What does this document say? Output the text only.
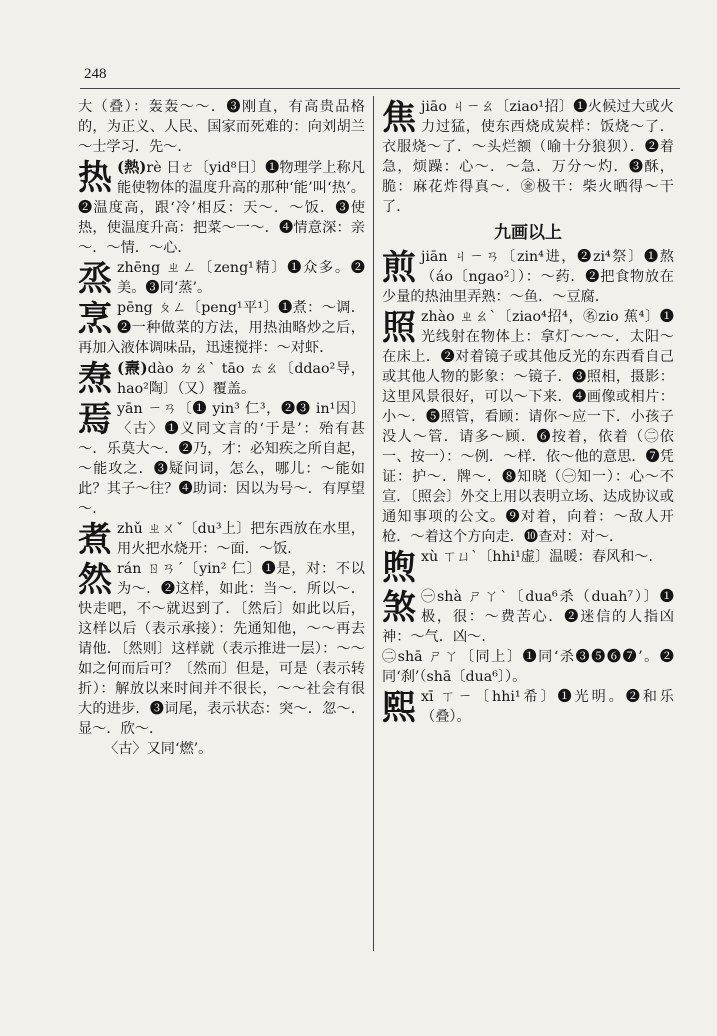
248

大（叠）：轰轰～～．❸刚直，有高贵品格的，为正义、人民、国家而死难的：向刘胡兰～士学习．先～．

热 (熱)rè 日ㄜ〔yid⁸日〕❶物理学上称凡能使物体的温度升高的那种‘能’叫‘热’。❷温度高，跟‘冷’相反：天～．～饭．❸使热，使温度升高：把菜～一～．❹情意深：亲～．～情．～心．
烝zhēng ㄓㄥ〔zeng¹精〕❶众多。❷美。❸同‘蒸’。
烹pēng ㄆㄥ〔peng¹平¹〕❶煮：～调．❷一种做菜的方法，用热油略炒之后，再加入液体调味品，迅速搅拌：～对虾．
焘 (燾)dào ㄉㄠˋ tāo ㄊㄠ〔ddao²导，hao²陶〕（又）覆盖。
焉yān ㄧㄢ〔❶ yin³ 仁³，❷❸ in¹因〕〈古〉❶义同文言的‘于是’：殆有甚～．乐莫大～．❷乃，才：必知疾之所自起，～能攻之．❸疑问词，怎么，哪儿：～能如此？其子～往？❹助词：因以为号～．有厚望～．
煮zhǔ ㄓㄨˇ〔du³上〕把东西放在水里，用火把水烧开：～面．～饭．
然rán ㄖㄢˊ〔yin² 仁〕❶是，对：不以为～．❷这样，如此：当～．所以～．快走吧，不～就迟到了．〔然后〕如此以后，这样以后（表示承接）：先通知他，～～再去请他．〔然则〕这样就（表示推进一层）：～～如之何而后可？〔然而〕但是，可是（表示转折）：解放以来时间并不很长，～～社会有很大的进步．❸词尾，表示状态：突～．忽～．显～．欣～．

〈古〉又同‘燃’。

焦jiāo ㄐㄧㄠ〔ziao¹招〕❶火候过大或火力过猛，使东西烧成炭样：饭烧～了．衣服烧～了．～头烂额（喻十分狼狈）．❷着急，烦躁：心～．～急．万分～灼．❸酥，脆：麻花炸得真～．㊎极干：柴火晒得～干了．
九画以上
煎jiān ㄐㄧㄢ〔zin⁴进，❷zi⁴祭〕❶熬（áo〔ngao²〕）：～药．❷把食物放在少量的热油里弄熟：～鱼．～豆腐．
照zhào ㄓㄠˋ〔ziao⁴招⁴，㊔zio 蕉⁴〕❶光线射在物体上：拿灯～～～．太阳～在床上．❷对着镜子或其他反光的东西看自己或其他人物的影象：～镜子．❸照相，摄影：这里风景很好，可以～下来．❹画像或相片：小～．❺照管，看顾：请你～应一下．小孩子没人～管．请多～顾．❻按着，依着（㊁依一、按一）：～例．～样．依～他的意思．❼凭证：护～．牌～．❽知晓（㊀知一）：心～不宣．〔照会〕外交上用以表明立场、达成协议或通知事项的公文。❾对着，向着：～敌人开枪．～着这个方向走．❿查对：对～．
煦xù ㄒㄩˋ〔hhi¹虚〕温暖：春风和～．
煞 ㊀shà ㄕㄚˋ〔dua⁶杀（duah⁷）〕❶极，很：～费苦心．❷迷信的人指凶神：～气．凶～．
㊁shā ㄕㄚ〔同上〕❶同‘杀❸❺❻❼’。❷同‘刹’（shā〔dua⁶〕）。
熙xī ㄒㄧ〔hhi¹希〕❶光明。❷和乐（叠）。
